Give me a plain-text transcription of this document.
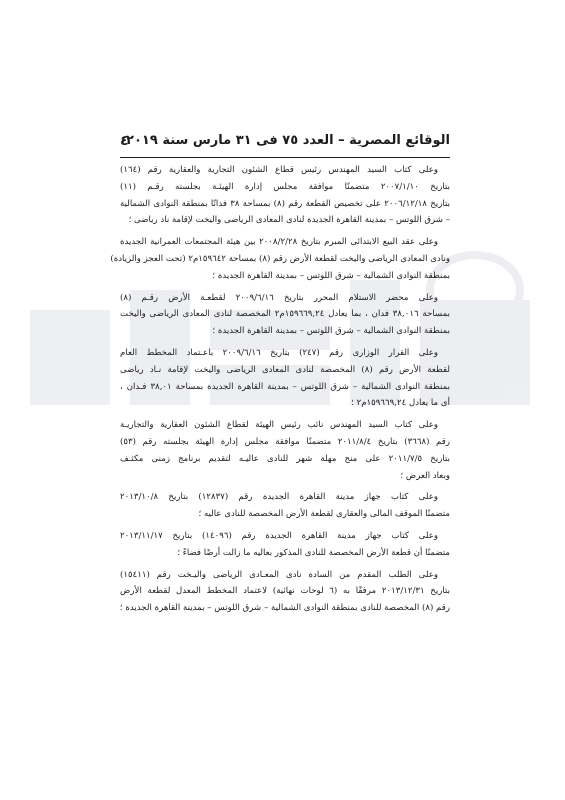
الوقائع المصرية – العدد ٧٥ فى ٣١ مارس سنة ٢٠١٩
٤

وعلى كتاب السيد المهندس رئيس قطاع الشئون التجارية والعقارية رقم (١٦٤)
بتاريخ ٢٠٠٧/١/١٠ متضمنًا موافقة مجلس إدارة الهيئـة بجلسته رقـم (١١)
بتاريخ ٢٠٠٦/١٢/١٨ على تخصيص القطعة رقم (٨) بمساحة ٣٨ فدانًا بمنطقة النوادى الشمالية
– شرق اللوتس – بمدينة القاهرة الجديدة لنادى المعادى الرياضى واليخت لإقامة ناد رياضى ؛

وعلى عقد البيع الابتدائى المبرم بتاريخ ٢٠٠٨/٢/٢٨ بين هيئة المجتمعات العمرانية الجديدة
ونادى المعادى الرياضى واليخت لقطعة الأرض رقم (٨) بمساحة ١٥٩٦٤٢م٢ (تحت العجز والزيادة)
بمنطقة النوادى الشمالية – شرق اللوتس – بمدينة القاهرة الجديدة ؛

وعلى محضر الاستلام المحرر بتاريخ ٢٠٠٩/٦/١٦ لقطعـة الأرض رقـم (٨)
بمساحة ٣٨,٠١٦ فدان ، بما يعادل ١٥٩٦٦٩,٢٤م٢ المخصصة لنادى المعادى الرياضى واليخت
بمنطقة النوادى الشمالية – شرق اللوتس – بمدينة القاهرة الجديدة ؛

وعلى القرار الوزارى رقم (٢٤٧) بتاريخ ٢٠٠٩/٦/١٦ باعـتماد المخطط العام
لقطعة الأرض رقم (٨) المخصصة لنادى المعادى الرياضى واليخت لإقامة نـاد رياضى
بمنطقة النوادى الشمالية – شرق اللوتس – بمدينة القاهرة الجديدة بمساحة ٣٨,٠١ فـدان ،
أى ما يعادل ١٥٩٦٦٩,٢٤م٢ ؛

وعلى كتاب السيد المهندس نائب رئيس الهيئة لقطاع الشئون العقارية والتجاريـة
رقم (٣٦٦٨) بتاريخ ٢٠١١/٨/٤ متضمنًا موافقة مجلس إدارة الهيئة بجلسته رقم (٥٣)
بتاريخ ٢٠١١/٧/٥ على منح مهلة شهر للنادى عاليـه لتقديم برنامج زمنى مكثـف
وبعاد العرض ؛

وعلى كتاب جهاز مدينة القاهرة الجديدة رقم (١٢٨٣٧) بتاريخ ٢٠١٣/١٠/٨
متضمنًا الموقف المالى والعقارى لقطعة الأرض المخصصة للنادى عاليه ؛

وعلى كتاب جهاز مدينة القاهرة الجديدة رقم (١٤٠٩٦) بتاريخ ٢٠١٣/١١/١٧
متضمنًا أن قطعة الأرض المخصصة للنادى المذكور بعاليه ما زالت أرضًا فضاءً ؛

وعلى الطلب المقدم من السادة نادى المعـادى الرياضى واليـخت رقم (١٥٤١١)
بتاريخ ٢٠١٣/١٢/٣١ مرفقًا به (٦ لوحات نهائية) لاعتماد المخطط المعدل لقطعة الأرض
رقم (٨) المخصصة للنادى بمنطقة النوادى الشمالية – شرق اللوتس – بمدينة القاهرة الجديدة ؛
